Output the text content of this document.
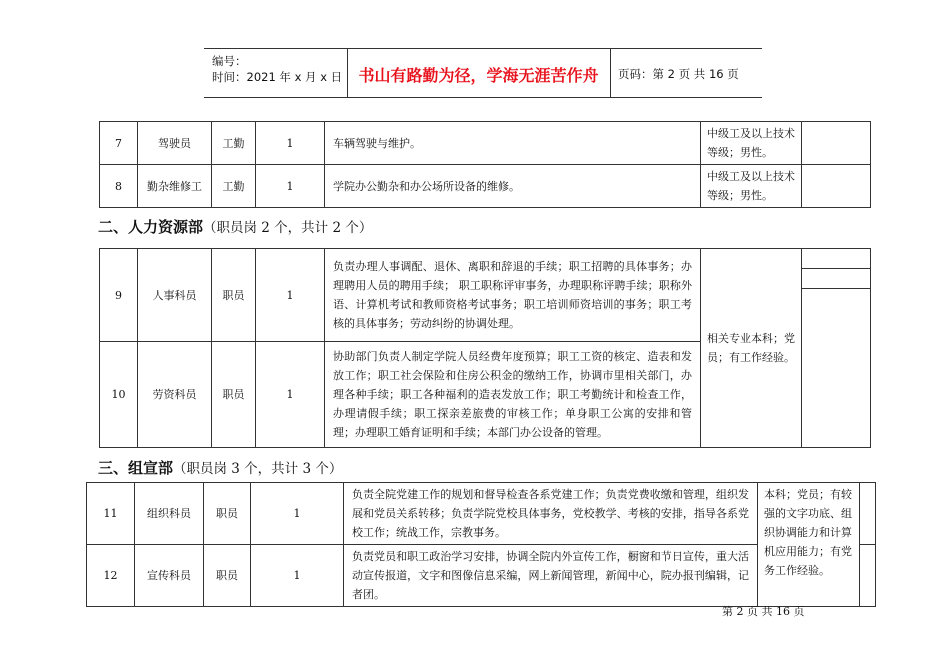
编号：
时间：2021 年 x 月 x 日	书山有路勤为径，学海无涯苦作舟	页码：第 2 页 共 16 页
7	驾驶员	工勤	1	车辆驾驶与维护。	中级工及以上技术等级；男性。	
8	勤杂维修工	工勤	1	学院办公勤杂和办公场所设备的维修。	中级工及以上技术等级；男性。	
二、人力资源部（职员岗 2 个，共计 2 个）
9	人事科员	职员	1	负责办理人事调配、退休、离职和辞退的手续；职工招聘的具体事务；办理聘用人员的聘用手续； 职工职称评审事务，办理职称评聘手续；职称外语、计算机考试和教师资格考试事务；职工培训师资培训的事务；职工考核的具体事务；劳动纠纷的协调处理。	相关专业本科；党员；有工作经验。	

10	劳资科员	职员	1	协助部门负责人制定学院人员经费年度预算；职工工资的核定、造表和发放工作；职工社会保险和住房公积金的缴纳工作，协调市里相关部门，办理各种手续；职工各种福利的造表发放工作；职工考勤统计和检查工作，办理请假手续；职工探亲差旅费的审核工作；单身职工公寓的安排和管理；办理职工婚育证明和手续；本部门办公设备的管理。		
三、组宣部（职员岗 3 个，共计 3 个）
11	组织科员	职员	1	负责全院党建工作的规划和督导检查各系党建工作；负责党费收缴和管理，组织发展和党员关系转移；负责学院党校具体事务，党校教学、考核的安排，指导各系党校工作；统战工作，宗教事务。	本科；党员；有较强的文字功底、组织协调能力和计算机应用能力；有党务工作经验。	
12	宣传科员	职员	1	负责党员和职工政治学习安排，协调全院内外宣传工作，橱窗和节日宣传，重大活动宣传报道，文字和图像信息采编，网上新闻管理，新闻中心，院办报刊编辑，记者团。		
第 2 页 共 16 页
